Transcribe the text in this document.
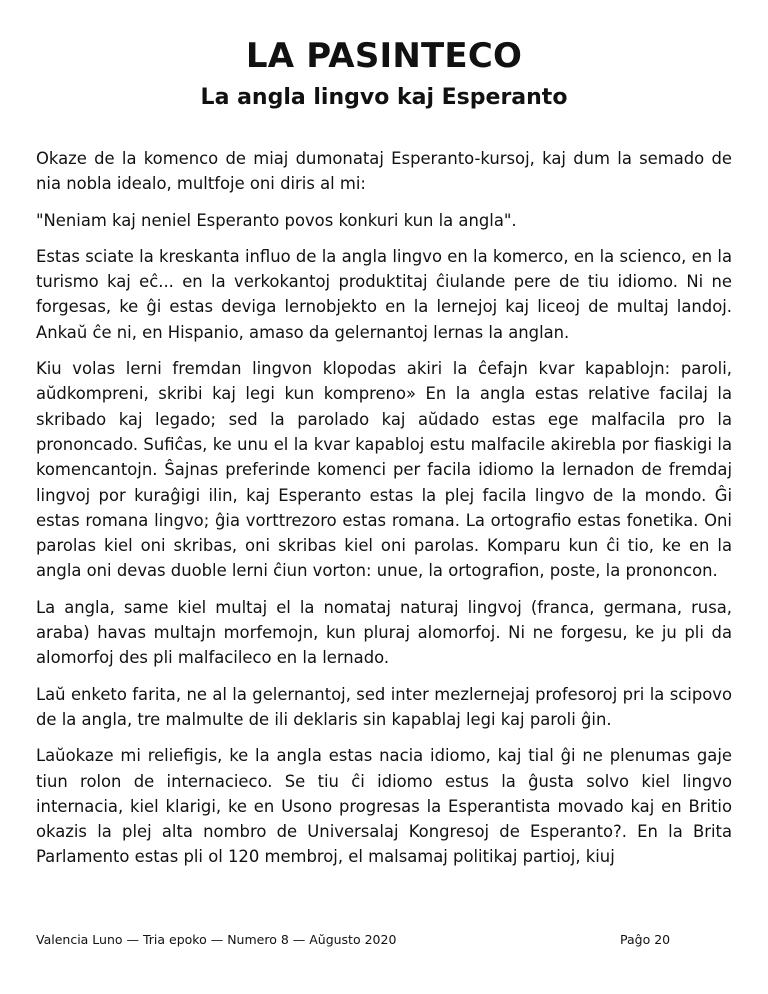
LA PASINTECO
La angla lingvo kaj Esperanto

Okaze de la komenco de miaj dumonataj Esperanto-kursoj, kaj dum la semado de nia nobla idealo, multfoje oni diris al mi:

"Neniam kaj neniel Esperanto povos konkuri kun la angla".

Estas sciate la kreskanta influo de la angla lingvo en la komerco, en la scienco, en la turismo kaj eĉ... en la verkokantoj produktitaj ĉiulande pere de tiu idiomo. Ni ne forgesas, ke ĝi estas deviga lernobjekto en la lernejoj kaj liceoj de multaj landoj. Ankaŭ ĉe ni, en Hispanio, amaso da gelernantoj lernas la anglan.

Kiu volas lerni fremdan lingvon klopodas akiri la ĉefajn kvar kapablojn: paroli, aŭdkompreni, skribi kaj legi kun kompreno» En la angla estas relative facilaj la skribado kaj legado; sed la parolado kaj aŭdado estas ege malfacila pro la prononcado. Sufiĉas, ke unu el la kvar kapabloj estu malfacile akirebla por fiaskigi la komencantojn. Ŝajnas preferinde komenci per facila idiomo la lernadon de fremdaj lingvoj por kuraĝigi ilin, kaj Esperanto estas la plej facila lingvo de la mondo. Ĝi estas romana lingvo; ĝia vorttrezoro estas romana. La ortografio estas fonetika. Oni parolas kiel oni skribas, oni skribas kiel oni parolas. Komparu kun ĉi tio, ke en la angla oni devas duoble lerni ĉiun vorton: unue, la ortografion, poste, la prononcon.

La angla, same kiel multaj el la nomataj naturaj lingvoj (franca, germana, rusa, araba) havas multajn morfemojn, kun pluraj alomorfoj. Ni ne forgesu, ke ju pli da alomorfoj des pli malfacileco en la lernado.

Laŭ enketo farita, ne al la gelernantoj, sed inter mezlernejaj profesoroj pri la scipovo de la angla, tre malmulte de ili deklaris sin kapablaj legi kaj paroli ĝin.

Laŭokaze mi reliefigis, ke la angla estas nacia idiomo, kaj tial ĝi ne plenumas gaje tiun rolon de internacieco. Se tiu ĉi idiomo estus la ĝusta solvo kiel lingvo internacia, kiel klarigi, ke en Usono progresas la Esperantista movado kaj en Britio okazis la plej alta nombro de Universalaj Kongresoj de Esperanto?. En la Brita Parlamento estas pli ol 120 membroj, el malsamaj politikaj partioj, kiuj

Valencia Luno — Tria epoko — Numero 8 — Aŭgusto 2020	Paĝo 20
